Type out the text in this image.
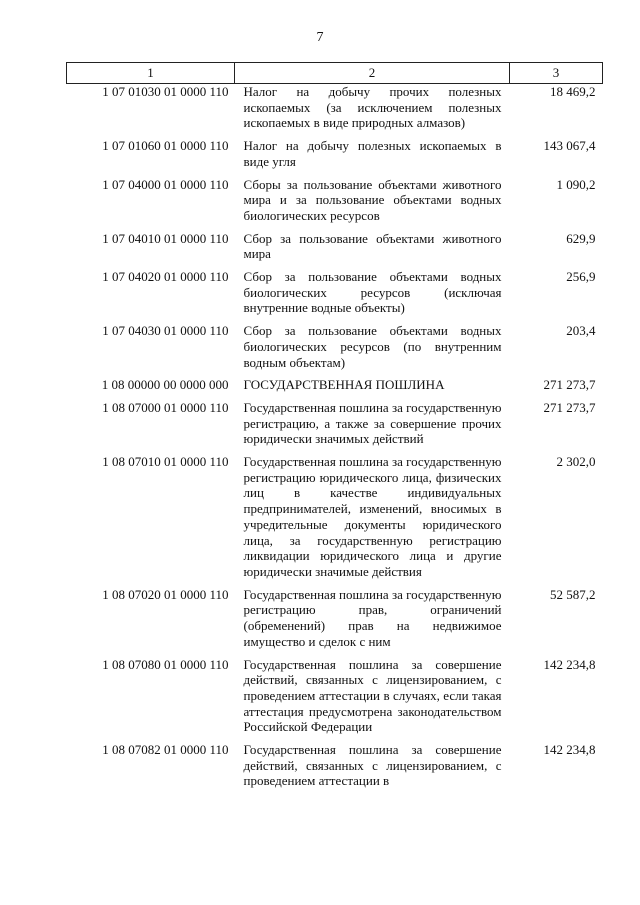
7
1	2	3
1 07 01030 01 0000 110	Налог на добычу прочих полезных ископаемых (за исключением полезных ископаемых в виде природных алмазов)	18 469,2

1 07 01060 01 0000 110	Налог на добычу полезных ископаемых в виде угля	143 067,4

1 07 04000 01 0000 110	Сборы за пользование объектами животного мира и за пользование объектами водных биологических ресурсов	1 090,2

1 07 04010 01 0000 110	Сбор за пользование объектами животного мира	629,9

1 07 04020 01 0000 110	Сбор за пользование объектами водных биологических ресурсов (исключая внутренние водные объекты)	256,9

1 07 04030 01 0000 110	Сбор за пользование объектами водных биологических ресурсов (по внутренним водным объектам)	203,4

1 08 00000 00 0000 000	ГОСУДАРСТВЕННАЯ ПОШЛИНА	271 273,7

1 08 07000 01 0000 110	Государственная пошлина за государственную регистрацию, а также за совершение прочих юридически значимых действий	271 273,7

1 08 07010 01 0000 110	Государственная пошлина за государственную регистрацию юридического лица, физических лиц в качестве индивидуальных предпринимателей, изменений, вносимых в учредительные документы юридического лица, за государственную регистрацию ликвидации юридического лица и другие юридически значимые действия	2 302,0

1 08 07020 01 0000 110	Государственная пошлина за государственную регистрацию прав, ограничений (обременений) прав на недвижимое имущество и сделок с ним	52 587,2

1 08 07080 01 0000 110	Государственная пошлина за совершение действий, связанных с лицензированием, с проведением аттестации в случаях, если такая аттестация предусмотрена законодательством Российской Федерации	142 234,8

1 08 07082 01 0000 110	Государственная пошлина за совершение действий, связанных с лицензированием, с проведением аттестации в	142 234,8
